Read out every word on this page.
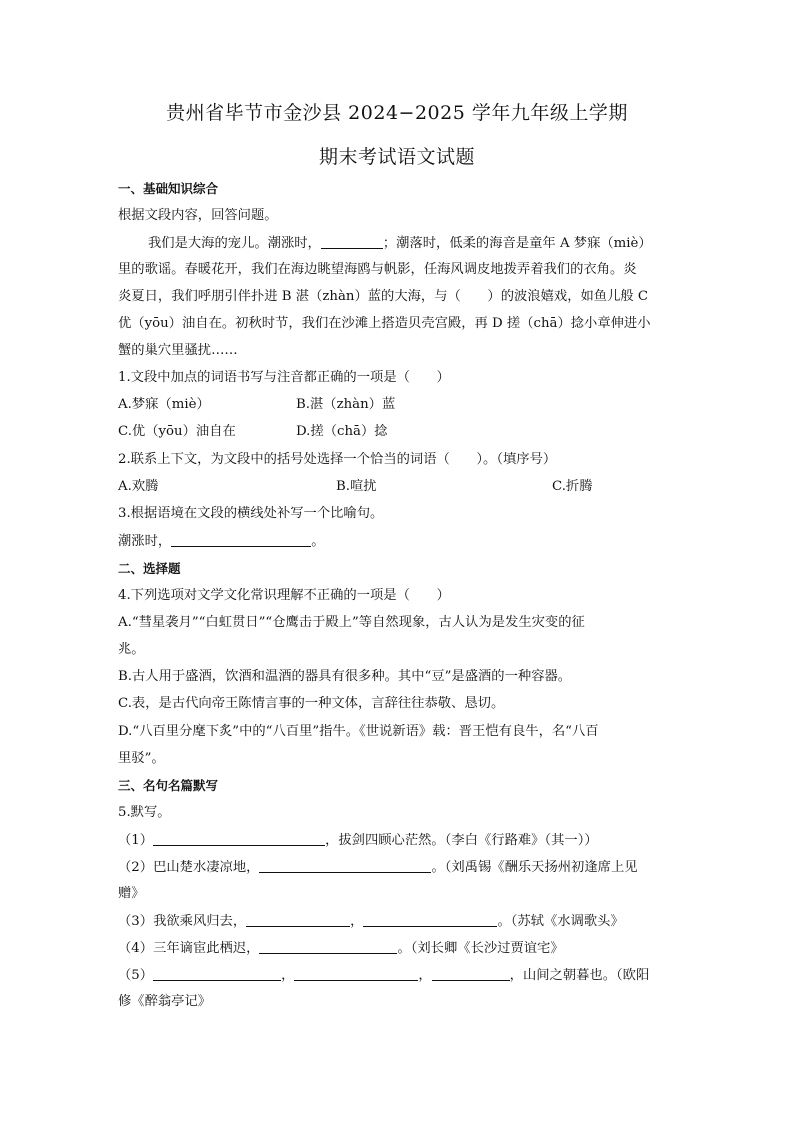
贵州省毕节市金沙县 2024−2025 学年九年级上学期
期末考试语文试题
一、基础知识综合
根据文段内容，回答问题。
我们是大海的宠儿。潮涨时，	；潮落时，低柔的海音是童年 A 梦寐（miè）
里的歌谣。春暖花开，我们在海边眺望海鸥与帆影，任海风调皮地拨弄着我们的衣角。炎
炎夏日，我们呼朋引伴扑进 B 湛（zhàn）蓝的大海，与（　　）的波浪嬉戏，如鱼儿般 C
优（yōu）油自在。初秋时节，我们在沙滩上搭造贝壳宫殿，再 D 搓（chā）捻小章伸进小
蟹的巢穴里骚扰……
1.文段中加点的词语书写与注音都正确的一项是（　　）
A.梦寐（miè）	B.湛（zhàn）蓝
C.优（yōu）油自在	D.搓（chā）捻
2.联系上下文，为文段中的括号处选择一个恰当的词语（　　）。（填序号）
A.欢腾	B.喧扰	C.折腾
3.根据语境在文段的横线处补写一个比喻句。
潮涨时，	。
二、选择题
4.下列选项对文学文化常识理解不正确的一项是（　　）
A.“彗星袭月”“白虹贯日”“仓鹰击于殿上”等自然现象，古人认为是发生灾变的征
兆。
B.古人用于盛酒，饮酒和温酒的器具有很多种。其中“豆”是盛酒的一种容器。
C.表，是古代向帝王陈情言事的一种文体，言辞往往恭敬、恳切。
D.“八百里分麾下炙”中的“八百里”指牛。《世说新语》载：晋王恺有良牛，名“八百
里驳”。
三、名句名篇默写
5.默写。
（1）	，拔剑四顾心茫然。（李白《行路难》（其一））
（2）巴山楚水凄凉地，	。（刘禹锡《酬乐天扬州初逢席上见
赠》
（3）我欲乘风归去，	，	。（苏轼《水调歌头》
（4）三年谪宦此栖迟，	。（刘长卿《长沙过贾谊宅》
（5）	，	，	，山间之朝暮也。（欧阳
修《醉翁亭记》
